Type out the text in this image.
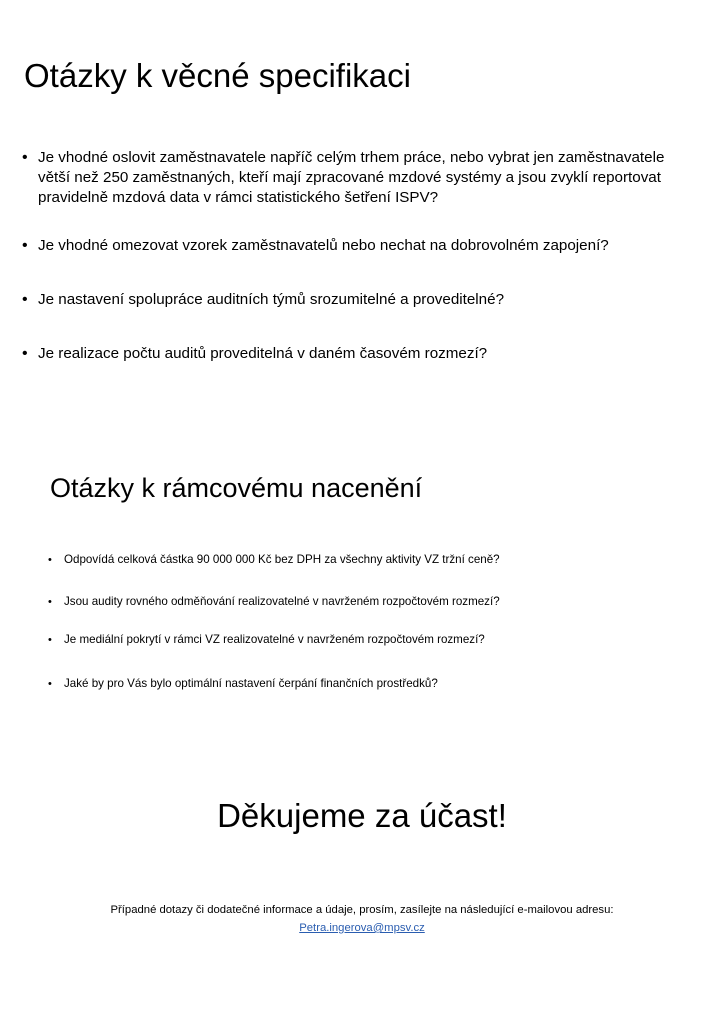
Otázky k věcné specifikaci
• Je vhodné oslovit zaměstnavatele napříč celým trhem práce, nebo vybrat jen zaměstnavatele větší než 250 zaměstnaných, kteří mají zpracované mzdové systémy a jsou zvyklí reportovat pravidelně mzdová data v rámci statistického šetření ISPV?
• Je vhodné omezovat vzorek zaměstnavatelů nebo nechat na dobrovolném zapojení?
• Je nastavení spolupráce auditních týmů srozumitelné a proveditelné?
• Je realizace počtu auditů proveditelná v daném časovém rozmezí?
Otázky k rámcovému nacenění
•	Odpovídá celková částka 90 000 000 Kč bez DPH za všechny aktivity VZ tržní ceně?
•	Jsou audity rovného odměňování realizovatelné v navrženém rozpočtovém rozmezí?
•	Je mediální pokrytí v rámci VZ realizovatelné v navrženém rozpočtovém rozmezí?
•	Jaké by pro Vás bylo optimální nastavení čerpání finančních prostředků?
Děkujeme za účast!

Případné dotazy či dodatečné informace a údaje, prosím, zasílejte na následující e-mailovou adresu:

Petra.ingerova@mpsv.cz
